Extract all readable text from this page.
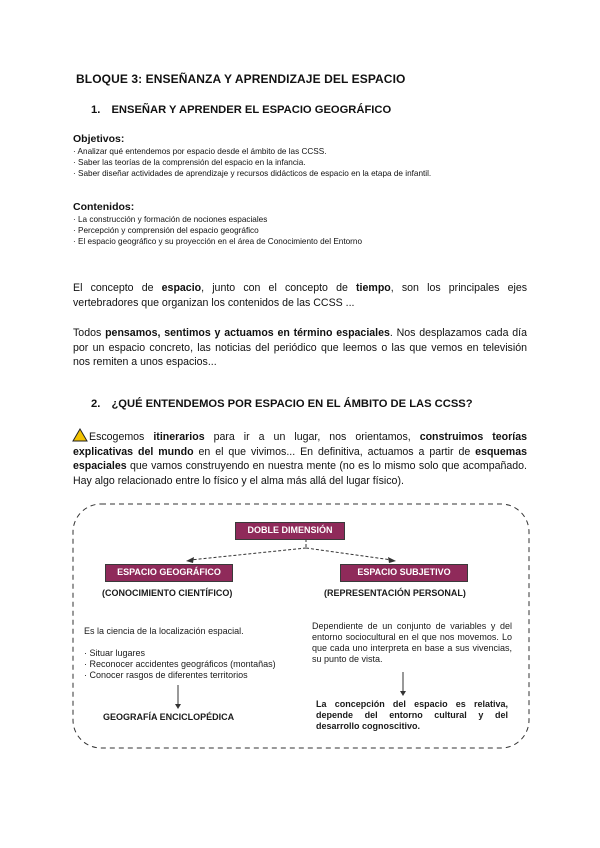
BLOQUE 3: ENSEÑANZA Y APRENDIZAJE DEL ESPACIO
1. ENSEÑAR Y APRENDER EL ESPACIO GEOGRÁFICO
Objetivos:
· Analizar qué entendemos por espacio desde el ámbito de las CCSS.
· Saber las teorías de la comprensión del espacio en la infancia.
· Saber diseñar actividades de aprendizaje y recursos didácticos de espacio en la etapa de infantil.
Contenidos:
· La construcción y formación de nociones espaciales
· Percepción y comprensión del espacio geográfico
· El espacio geográfico y su proyección en el área de Conocimiento del Entorno
El concepto de espacio, junto con el concepto de tiempo, son los principales ejes vertebradores que organizan los contenidos de las CCSS ...
Todos pensamos, sentimos y actuamos en término espaciales. Nos desplazamos cada día por un espacio concreto, las noticias del periódico que leemos o las que vemos en televisión nos remiten a unos espacios...
2. ¿QUÉ ENTENDEMOS POR ESPACIO EN EL ÁMBITO DE LAS CCSS?
Escogemos itinerarios para ir a un lugar, nos orientamos, construimos teorías explicativas del mundo en el que vivimos... En definitiva, actuamos a partir de esquemas espaciales que vamos construyendo en nuestra mente (no es lo mismo solo que acompañado. Hay algo relacionado entre lo físico y el alma más allá del lugar físico).
DOBLE DIMENSIÓN
ESPACIO GEOGRÁFICO
(CONOCIMIENTO CIENTÍFICO)
Es la ciencia de la localización espacial.
· Situar lugares
· Reconocer accidentes geográficos (montañas)
· Conocer rasgos de diferentes territorios
GEOGRAFÍA ENCICLOPÉDICA
ESPACIO SUBJETIVO
(REPRESENTACIÓN PERSONAL)
Dependiente de un conjunto de variables y del entorno sociocultural en el que nos movemos. Lo que cada uno interpreta en base a sus vivencias, su punto de vista.
La concepción del espacio es relativa, depende del entorno cultural y del desarrollo cognoscitivo.
